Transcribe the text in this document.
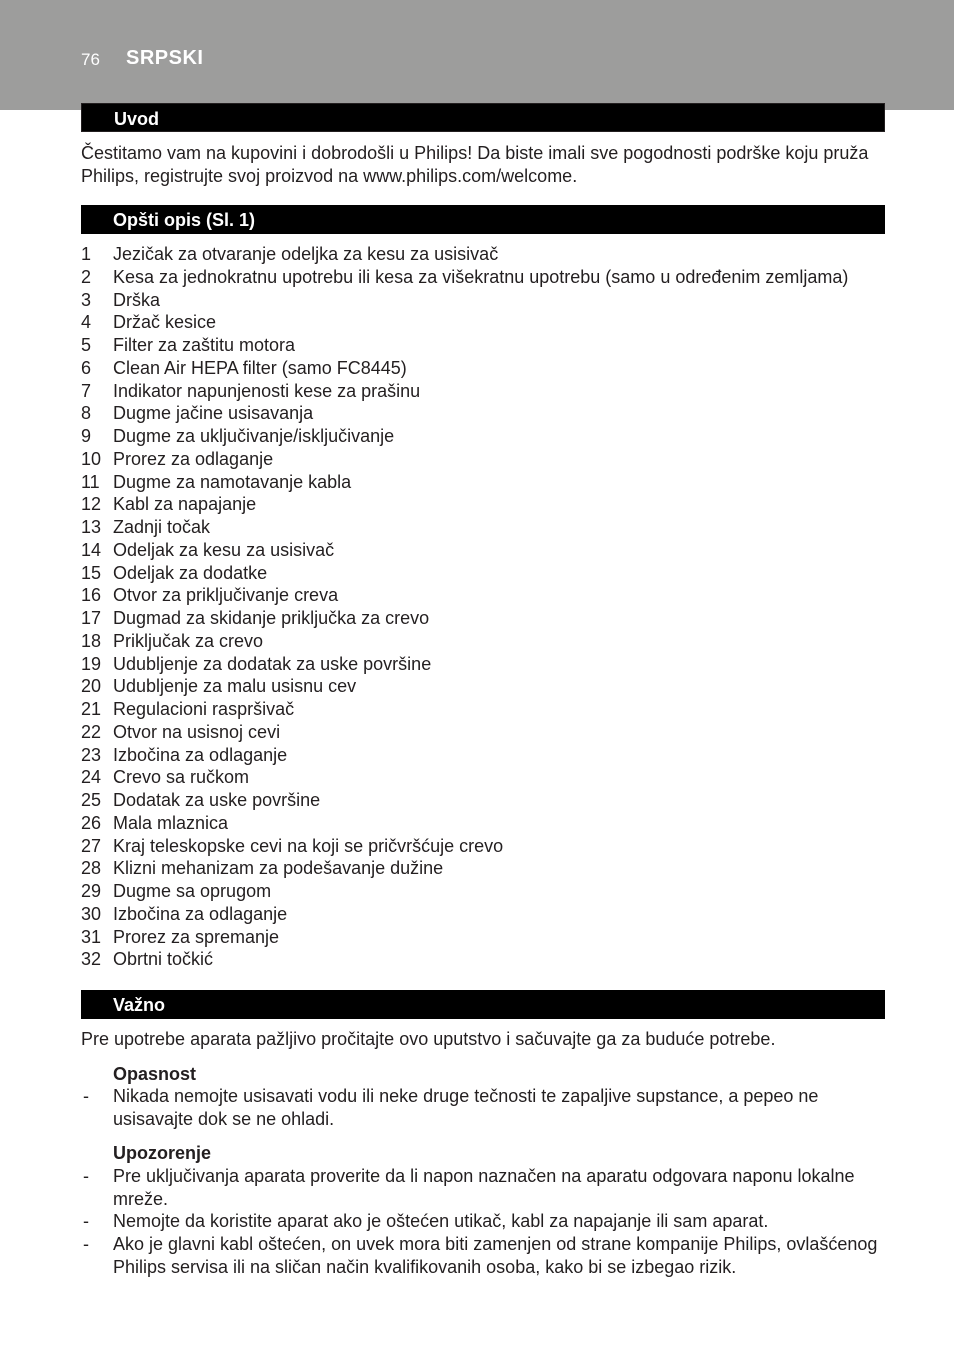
76 SRPSKI
Uvod
Čestitamo vam na kupovini i dobrodošli u Philips! Da biste imali sve pogodnosti podrške koju pruža Philips, registrujte svoj proizvod na www.philips.com/welcome.
Opšti opis (Sl. 1)
1 Jezičak za otvaranje odeljka za kesu za usisivač
2 Kesa za jednokratnu upotrebu ili kesa za višekratnu upotrebu (samo u određenim zemljama)
3 Drška
4 Držač kesice
5 Filter za zaštitu motora
6 Clean Air HEPA filter (samo FC8445)
7 Indikator napunjenosti kese za prašinu
8 Dugme jačine usisavanja
9 Dugme za uključivanje/isključivanje
10 Prorez za odlaganje
11 Dugme za namotavanje kabla
12 Kabl za napajanje
13 Zadnji točak
14 Odeljak za kesu za usisivač
15 Odeljak za dodatke
16 Otvor za priključivanje creva
17 Dugmad za skidanje priključka za crevo
18 Priključak za crevo
19 Udubljenje za dodatak za uske površine
20 Udubljenje za malu usisnu cev
21 Regulacioni raspršivač
22 Otvor na usisnoj cevi
23 Izbočina za odlaganje
24 Crevo sa ručkom
25 Dodatak za uske površine
26 Mala mlaznica
27 Kraj teleskopske cevi na koji se pričvršćuje crevo
28 Klizni mehanizam za podešavanje dužine
29 Dugme sa oprugom
30 Izbočina za odlaganje
31 Prorez za spremanje
32 Obrtni točkić
Važno
Pre upotrebe aparata pažljivo pročitajte ovo uputstvo i sačuvajte ga za buduće potrebe.
Opasnost
-	Nikada nemojte usisavati vodu ili neke druge tečnosti te zapaljive supstance, a pepeo ne usisavajte dok se ne ohladi.
Upozorenje
-	Pre uključivanja aparata proverite da li napon naznačen na aparatu odgovara naponu lokalne mreže.
-	Nemojte da koristite aparat ako je oštećen utikač, kabl za napajanje ili sam aparat.
-	Ako je glavni kabl oštećen, on uvek mora biti zamenjen od strane kompanije Philips, ovlašćenog Philips servisa ili na sličan način kvalifikovanih osoba, kako bi se izbegao rizik.
